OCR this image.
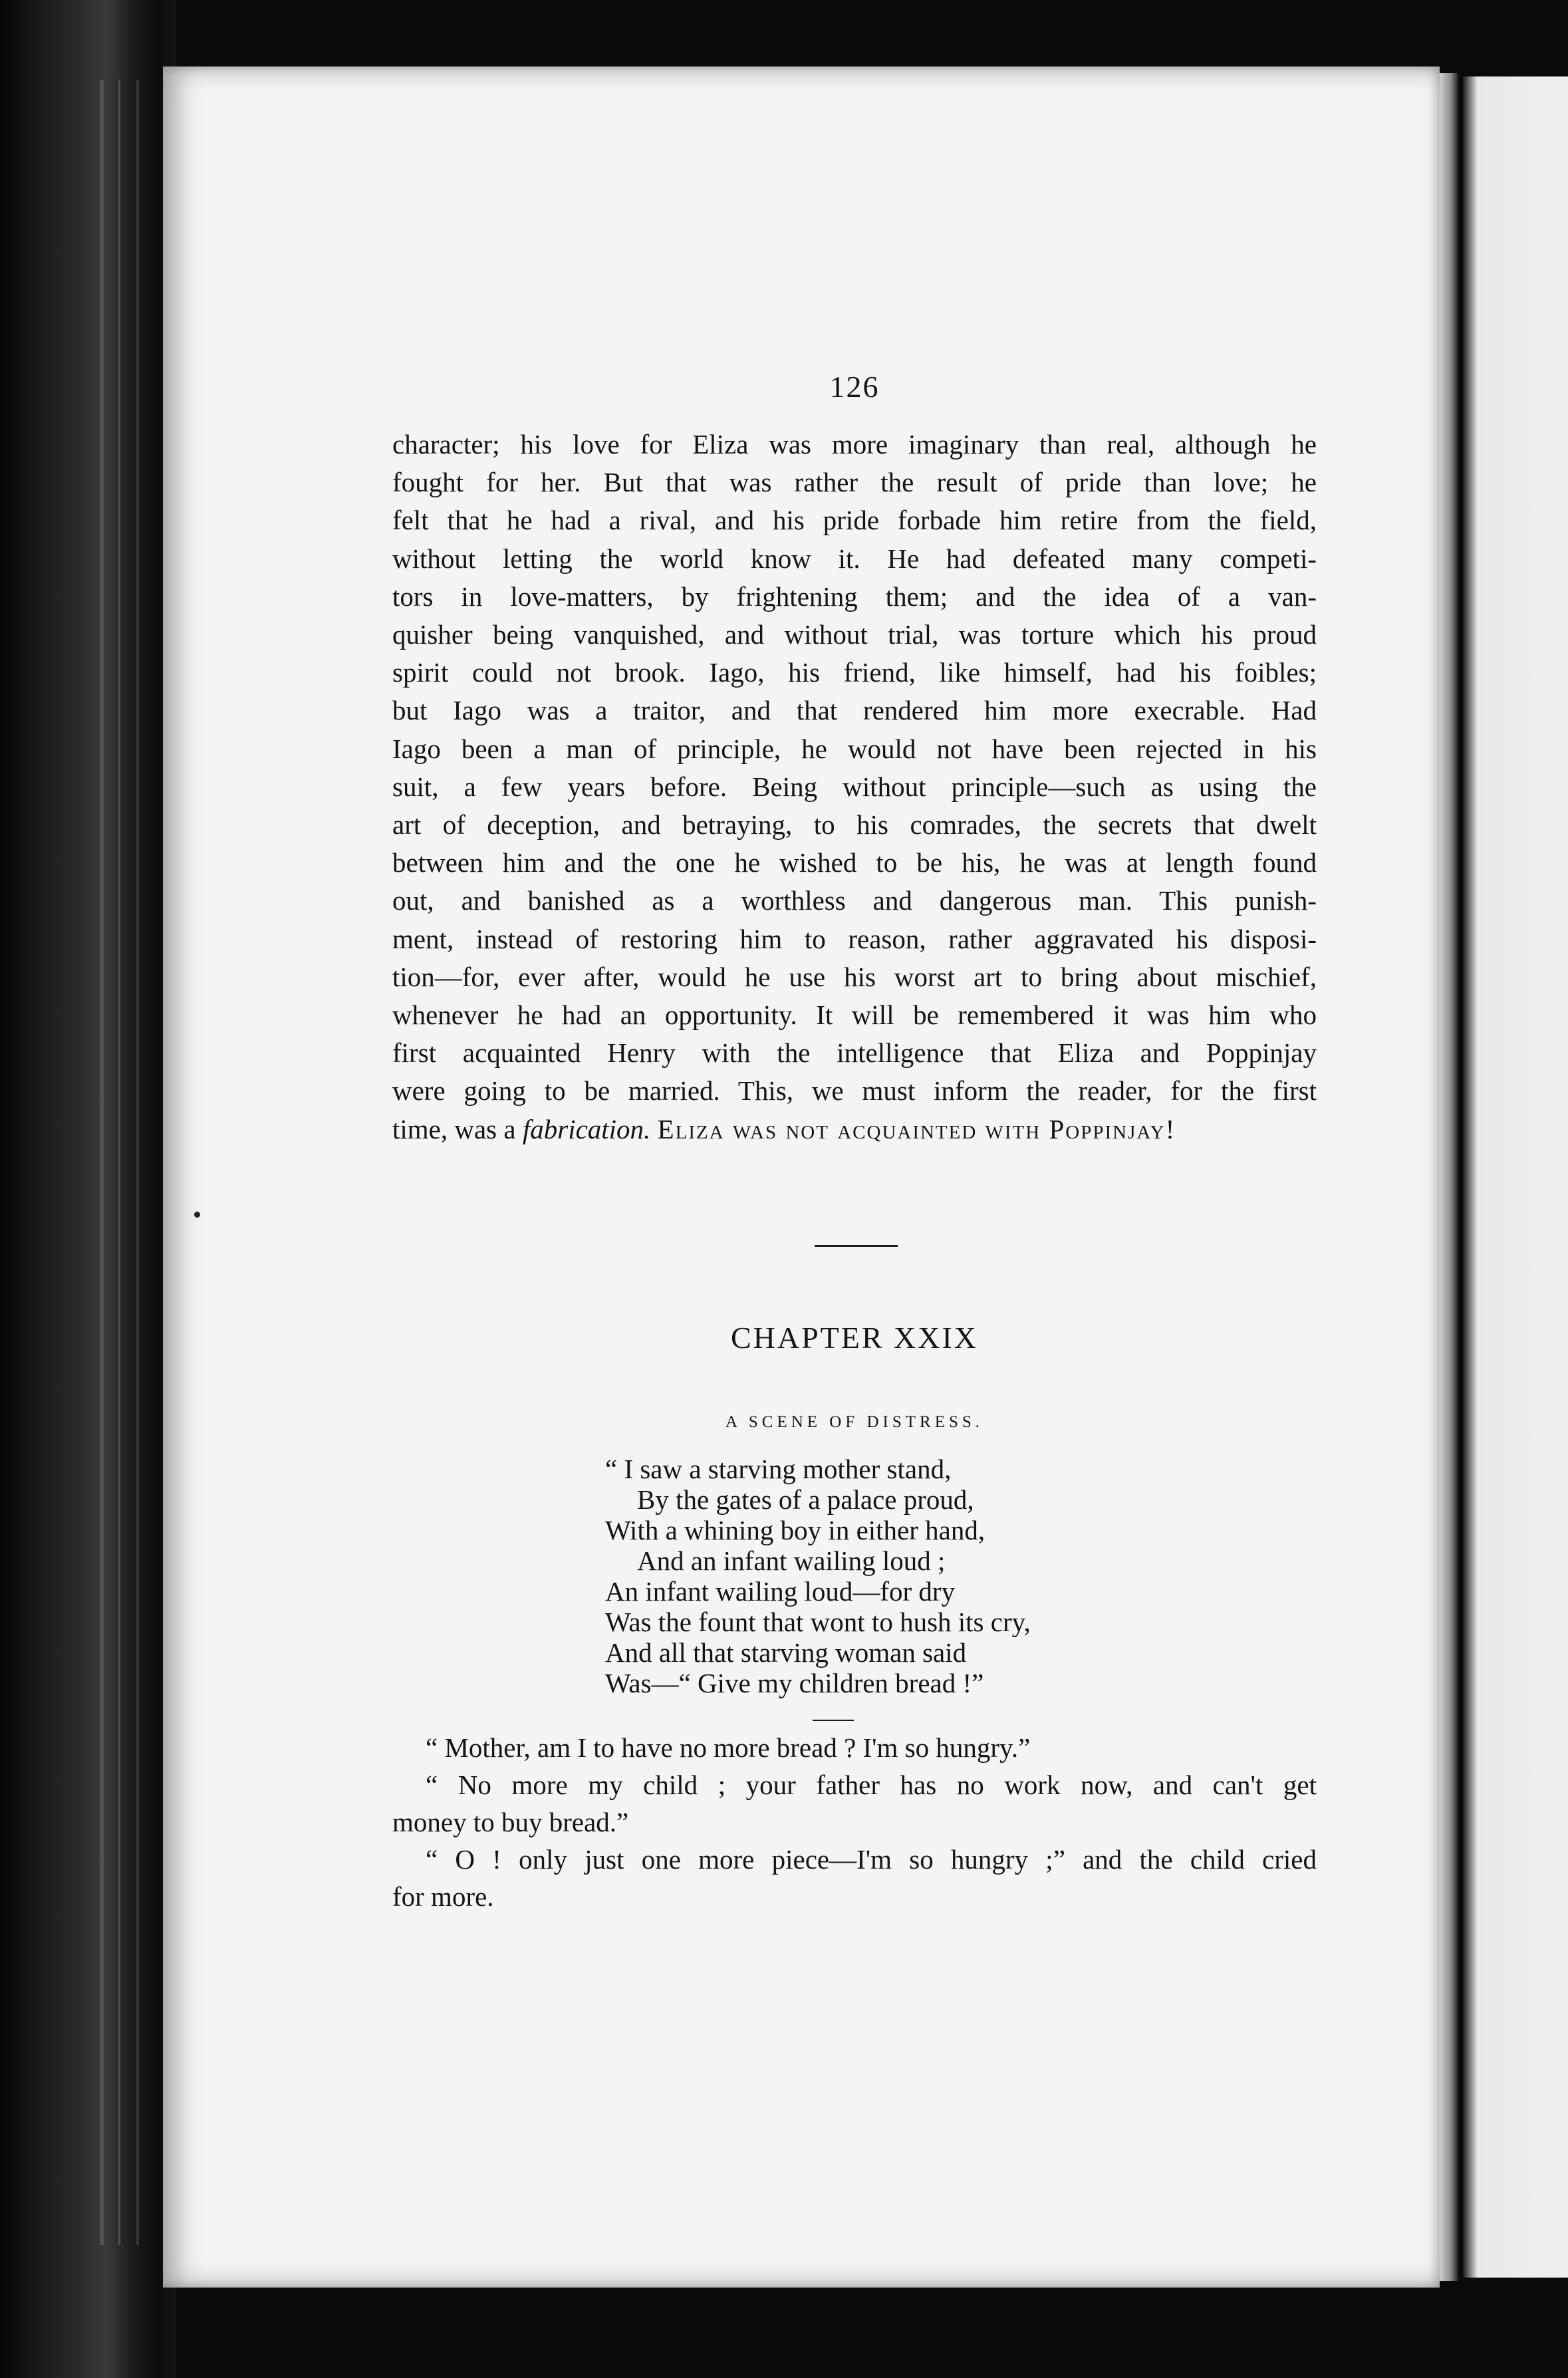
126
character; his love for Eliza was more imaginary than real, although he
fought for her. But that was rather the result of pride than love; he
felt that he had a rival, and his pride forbade him retire from the field,
without letting the world know it. He had defeated many competi-
tors in love-matters, by frightening them; and the idea of a van-
quisher being vanquished, and without trial, was torture which his proud
spirit could not brook. Iago, his friend, like himself, had his foibles;
but Iago was a traitor, and that rendered him more execrable. Had
Iago been a man of principle, he would not have been rejected in his
suit, a few years before. Being without principle—such as using the
art of deception, and betraying, to his comrades, the secrets that dwelt
between him and the one he wished to be his, he was at length found
out, and banished as a worthless and dangerous man. This punish-
ment, instead of restoring him to reason, rather aggravated his disposi-
tion—for, ever after, would he use his worst art to bring about mischief,
whenever he had an opportunity. It will be remembered it was him who
first acquainted Henry with the intelligence that Eliza and Poppinjay
were going to be married. This, we must inform the reader, for the first
time, was a fabrication. Eliza was not acquainted with Poppinjay!
CHAPTER XXIX
A SCENE OF DISTRESS.
“ I saw a starving mother stand,
By the gates of a palace proud,
With a whining boy in either hand,
And an infant wailing loud ;
An infant wailing loud—for dry
Was the fount that wont to hush its cry,
And all that starving woman said
Was—“ Give my children bread !”
“ Mother, am I to have no more bread ? I'm so hungry.”
“ No more my child ; your father has no work now, and can't get
money to buy bread.”
“ O ! only just one more piece—I'm so hungry ;” and the child cried
for more.
